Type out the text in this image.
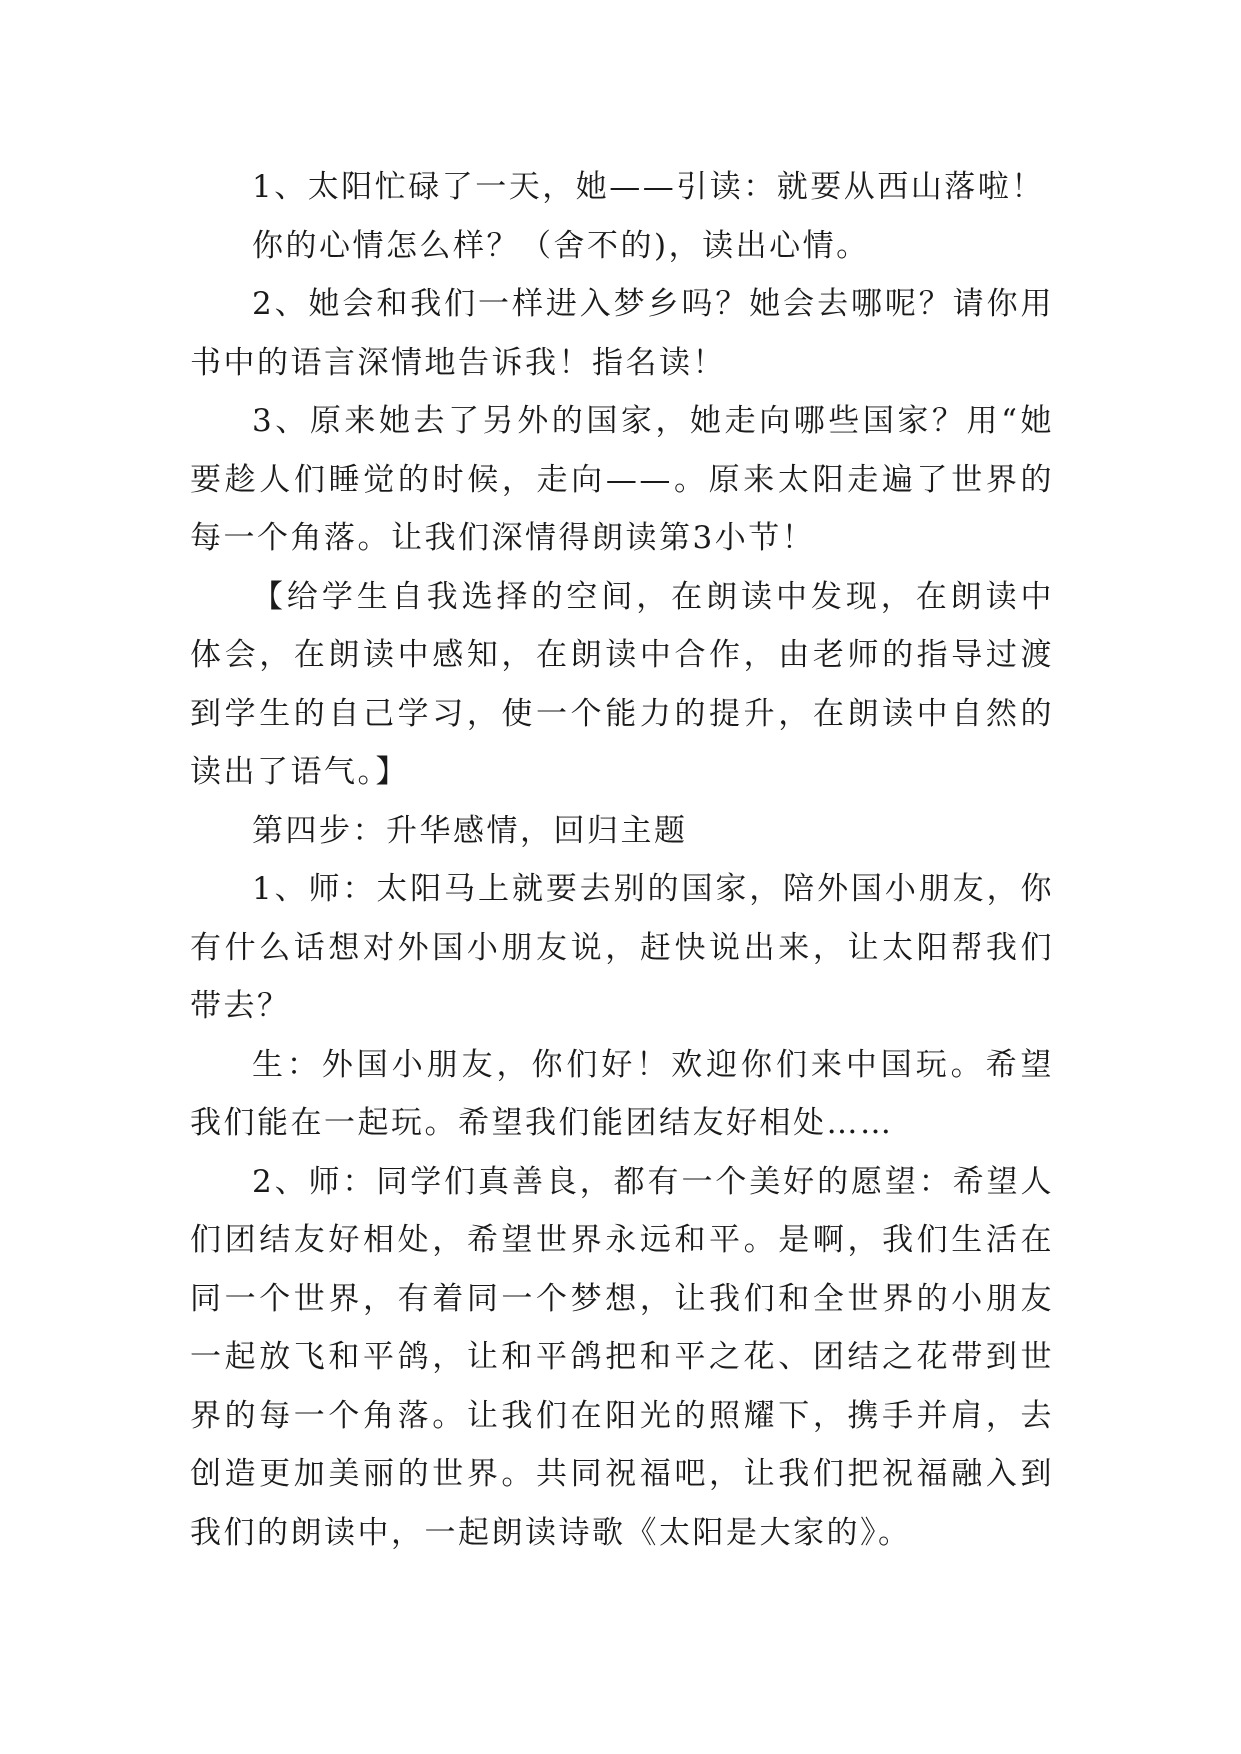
1、太阳忙碌了一天，她——引读：就要从西山落啦！

你的心情怎么样？（舍不的)，读出心情。

2、她会和我们一样进入梦乡吗？她会去哪呢？请你用书中的语言深情地告诉我！指名读！

3、原来她去了另外的国家，她走向哪些国家？用“她要趁人们睡觉的时候，走向——。原来太阳走遍了世界的每一个角落。让我们深情得朗读第3小节！

【给学生自我选择的空间，在朗读中发现，在朗读中体会，在朗读中感知，在朗读中合作，由老师的指导过渡到学生的自己学习，使一个能力的提升，在朗读中自然的读出了语气。】

第四步：升华感情，回归主题

1、师：太阳马上就要去别的国家，陪外国小朋友，你有什么话想对外国小朋友说，赶快说出来，让太阳帮我们带去？

生：外国小朋友，你们好！欢迎你们来中国玩。希望我们能在一起玩。希望我们能团结友好相处……

2、师：同学们真善良，都有一个美好的愿望：希望人们团结友好相处，希望世界永远和平。是啊，我们生活在同一个世界，有着同一个梦想，让我们和全世界的小朋友一起放飞和平鸽，让和平鸽把和平之花、团结之花带到世界的每一个角落。让我们在阳光的照耀下，携手并肩，去创造更加美丽的世界。共同祝福吧，让我们把祝福融入到我们的朗读中，一起朗读诗歌《太阳是大家的》。
